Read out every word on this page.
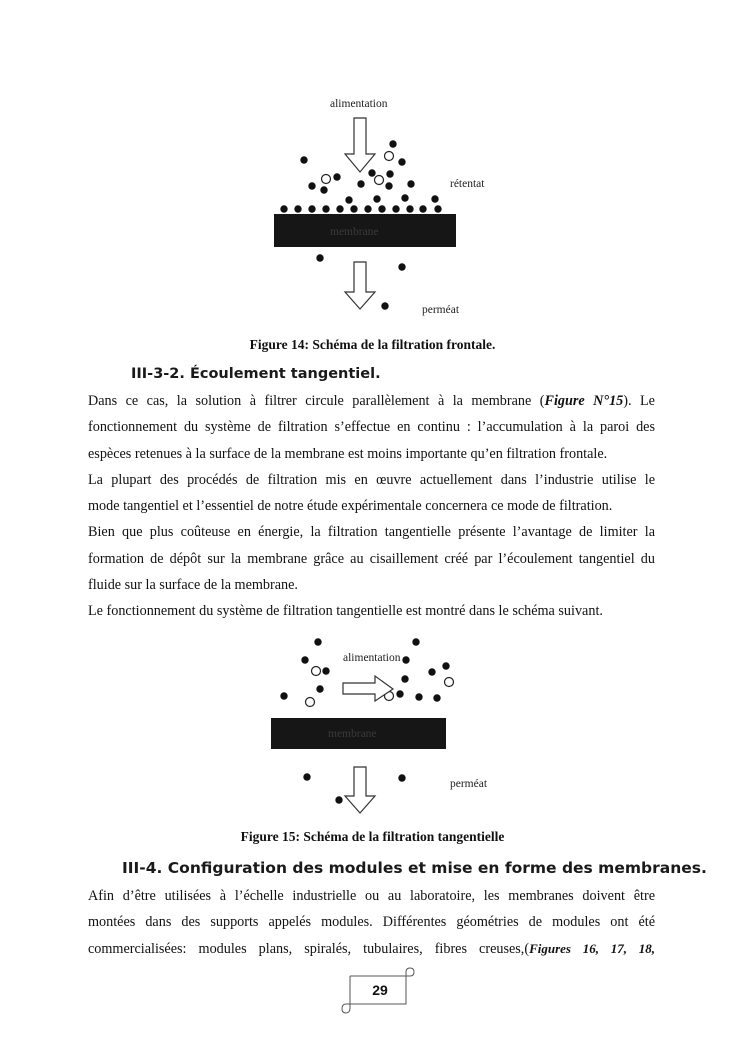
alimentation
rétentat
membrane
perméat
Figure 14: Schéma de la filtration frontale.
III-3-2. Écoulement tangentiel.
Dans ce cas, la solution à filtrer circule parallèlement à la membrane (Figure N°15). Le
fonctionnement du système de filtration s’effectue en continu : l’accumulation à la paroi des
espèces retenues à la surface de la membrane est moins importante qu’en filtration frontale.
La plupart des procédés de filtration mis en œuvre actuellement dans l’industrie utilise le
mode tangentiel et l’essentiel de notre étude expérimentale concernera ce mode de filtration.
Bien que plus coûteuse en énergie, la filtration tangentielle présente l’avantage de limiter la
formation de dépôt sur la membrane grâce au cisaillement créé par l’écoulement tangentiel du
fluide sur la surface de la membrane.
Le fonctionnement du système de filtration tangentielle est montré dans le schéma suivant.
alimentation
membrane
perméat
Figure 15: Schéma de la filtration tangentielle
III-4. Configuration des modules et mise en forme des membranes.
Afin d’être utilisées à l’échelle industrielle ou au laboratoire, les membranes doivent être
montées dans des supports appelés modules. Différentes géométries de modules ont été
commercialisées: modules plans, spiralés, tubulaires, fibres creuses,(Figures 16, 17, 18,
29
